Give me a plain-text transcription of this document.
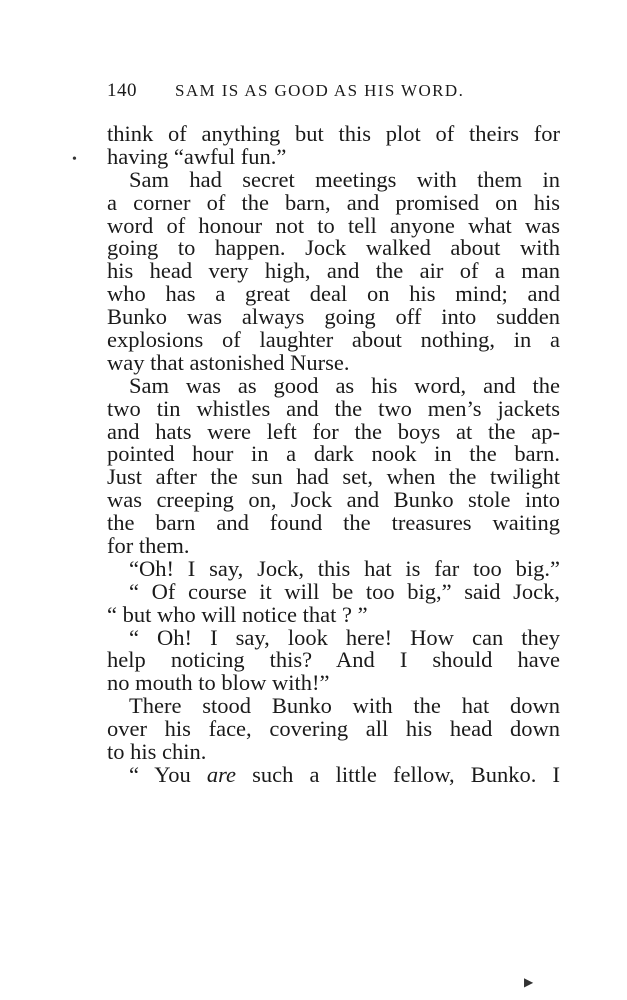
140 SAM IS AS GOOD AS HIS WORD.
•
think of anything but this plot of theirs for
having “awful fun.”
Sam had secret meetings with them in
a corner of the barn, and promised on his
word of honour not to tell anyone what was
going to happen. Jock walked about with
his head very high, and the air of a man
who has a great deal on his mind; and
Bunko was always going off into sudden
explosions of laughter about nothing, in a
way that astonished Nurse.
Sam was as good as his word, and the
two tin whistles and the two men’s jackets
and hats were left for the boys at the ap-
pointed hour in a dark nook in the barn.
Just after the sun had set, when the twilight
was creeping on, Jock and Bunko stole into
the barn and found the treasures waiting
for them.
“Oh! I say, Jock, this hat is far too big.”
“ Of course it will be too big,” said Jock,
“ but who will notice that ? ”
“ Oh! I say, look here! How can they
help noticing this? And I should have
no mouth to blow with!”
There stood Bunko with the hat down
over his face, covering all his head down
to his chin.
“ You are such a little fellow, Bunko. I
▶
